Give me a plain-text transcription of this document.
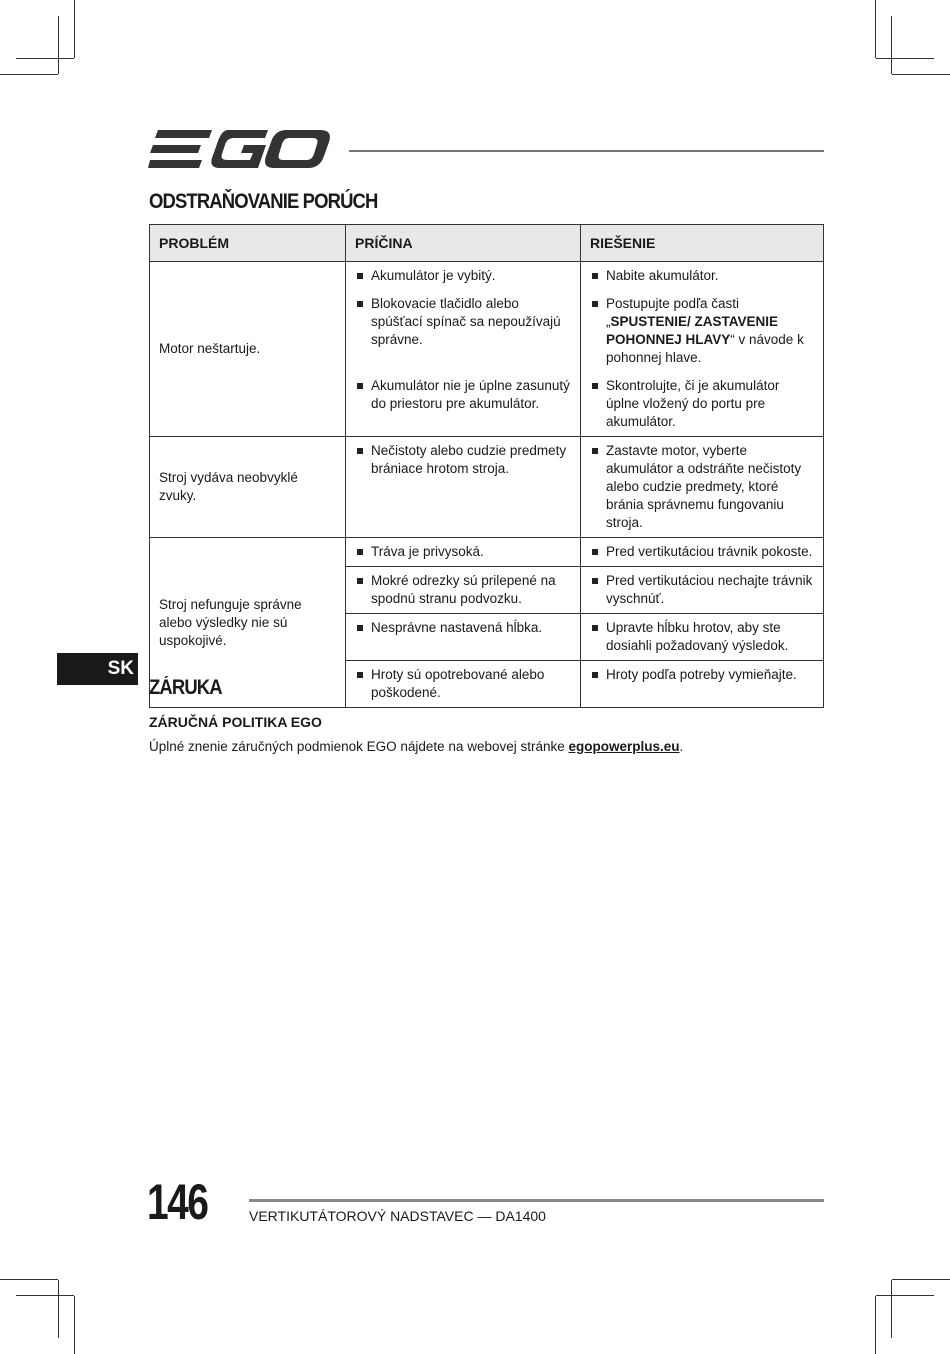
ODSTRAŇOVANIE PORÚCH
PROBLÉM	PRÍČINA	RIEŠENIE
Motor neštartuje.	Akumulátor je vybitý.	Nabite akumulátor.

	Blokovacie tlačidlo alebo spúšťací spínač sa nepoužívajú správne.	Postupujte podľa časti „SPUSTENIE/ ZASTAVENIE POHONNEJ HLAVY“ v návode k pohonnej hlave.

	Akumulátor nie je úplne zasunutý do priestoru pre akumulátor.	Skontrolujte, či je akumulátor úplne vložený do portu pre akumulátor.

Stroj vydáva neobvyklé zvuky.	Nečistoty alebo cudzie predmety brániace hrotom stroja.	Zastavte motor, vyberte akumulátor a odstráňte nečistoty alebo cudzie predmety, ktoré bránia správnemu fungovaniu stroja.

Stroj nefunguje správne alebo výsledky nie sú uspokojivé.	Tráva je privysoká.	Pred vertikutáciou trávnik pokoste.

	Mokré odrezky sú prilepené na spodnú stranu podvozku.	Pred vertikutáciou nechajte trávnik vyschnúť.

	Nesprávne nastavená hĺbka.	Upravte hĺbku hrotov, aby ste dosiahli požadovaný výsledok.

	Hroty sú opotrebované alebo poškodené.	Hroty podľa potreby vymieňajte.
SK
ZÁRUKA

ZÁRUČNÁ POLITIKA EGO

Úplné znenie záručných podmienok EGO nájdete na webovej stránke egopowerplus.eu.

146	VERTIKUTÁTOROVÝ NADSTAVEC — DA1400
